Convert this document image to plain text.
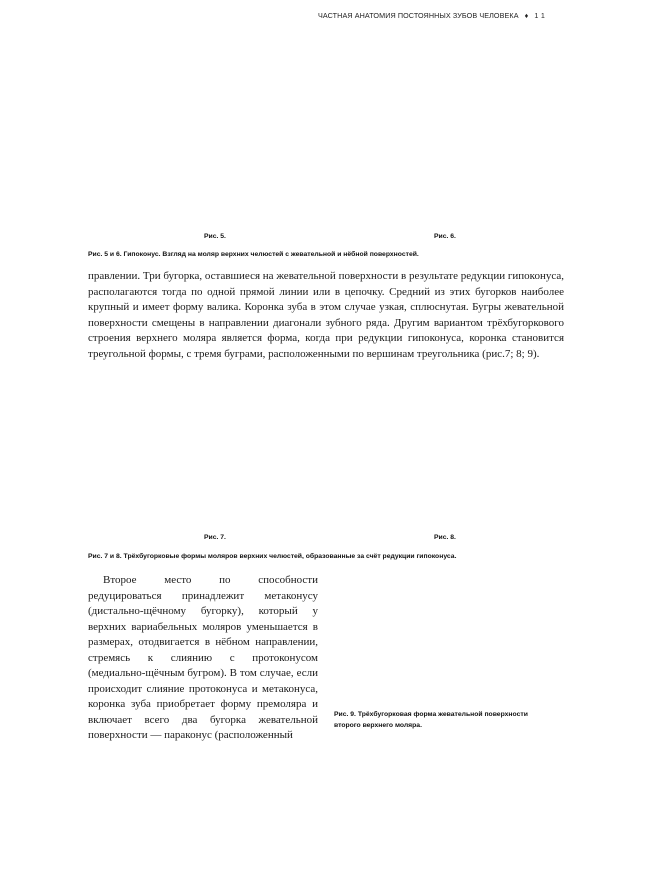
ЧАСТНАЯ АНАТОМИЯ ПОСТОЯННЫХ ЗУБОВ ЧЕЛОВЕКА ♦ 11
Рис. 5.	Рис. 6.
Рис. 5 и 6. Гипоконус. Взгляд на моляр верхних челюстей с жевательной и нёбной поверхностей.

правлении. Три бугорка, оставшиеся на жевательной поверхности в результате редукции гипоконуса, располагаются тогда по одной прямой линии или в цепочку. Средний из этих бугорков наиболее крупный и имеет форму валика. Коронка зуба в этом случае узкая, сплюснутая. Бугры жевательной поверхности смещены в направлении диагонали зубного ряда. Другим вариантом трёхбугоркового строения верхнего моляра является форма, когда при редукции гипоконуса, коронка становится треугольной формы, с тремя буграми, расположенными по вершинам треугольника (рис.7; 8; 9).

Рис. 7.	Рис. 8.
Рис. 7 и 8. Трёхбугорковые формы моляров верхних челюстей, образованные за счёт редукции гипоконуса.

Второе место по способности редуцироваться принадлежит метаконусу (дистально-щёчному бугорку), который у верхних вариабельных моляров уменьшается в размерах, отодвигается в нёбном направлении, стремясь к слиянию с протоконусом (медиально-щёчным бугром). В том случае, если происходит слияние протоконуса и метаконуса, коронка зуба приобретает форму премоляра и включает всего два бугорка жевательной поверхности — параконус (расположенный

Рис. 9. Трёхбугорковая форма жевательной поверхности
второго верхнего моляра.
